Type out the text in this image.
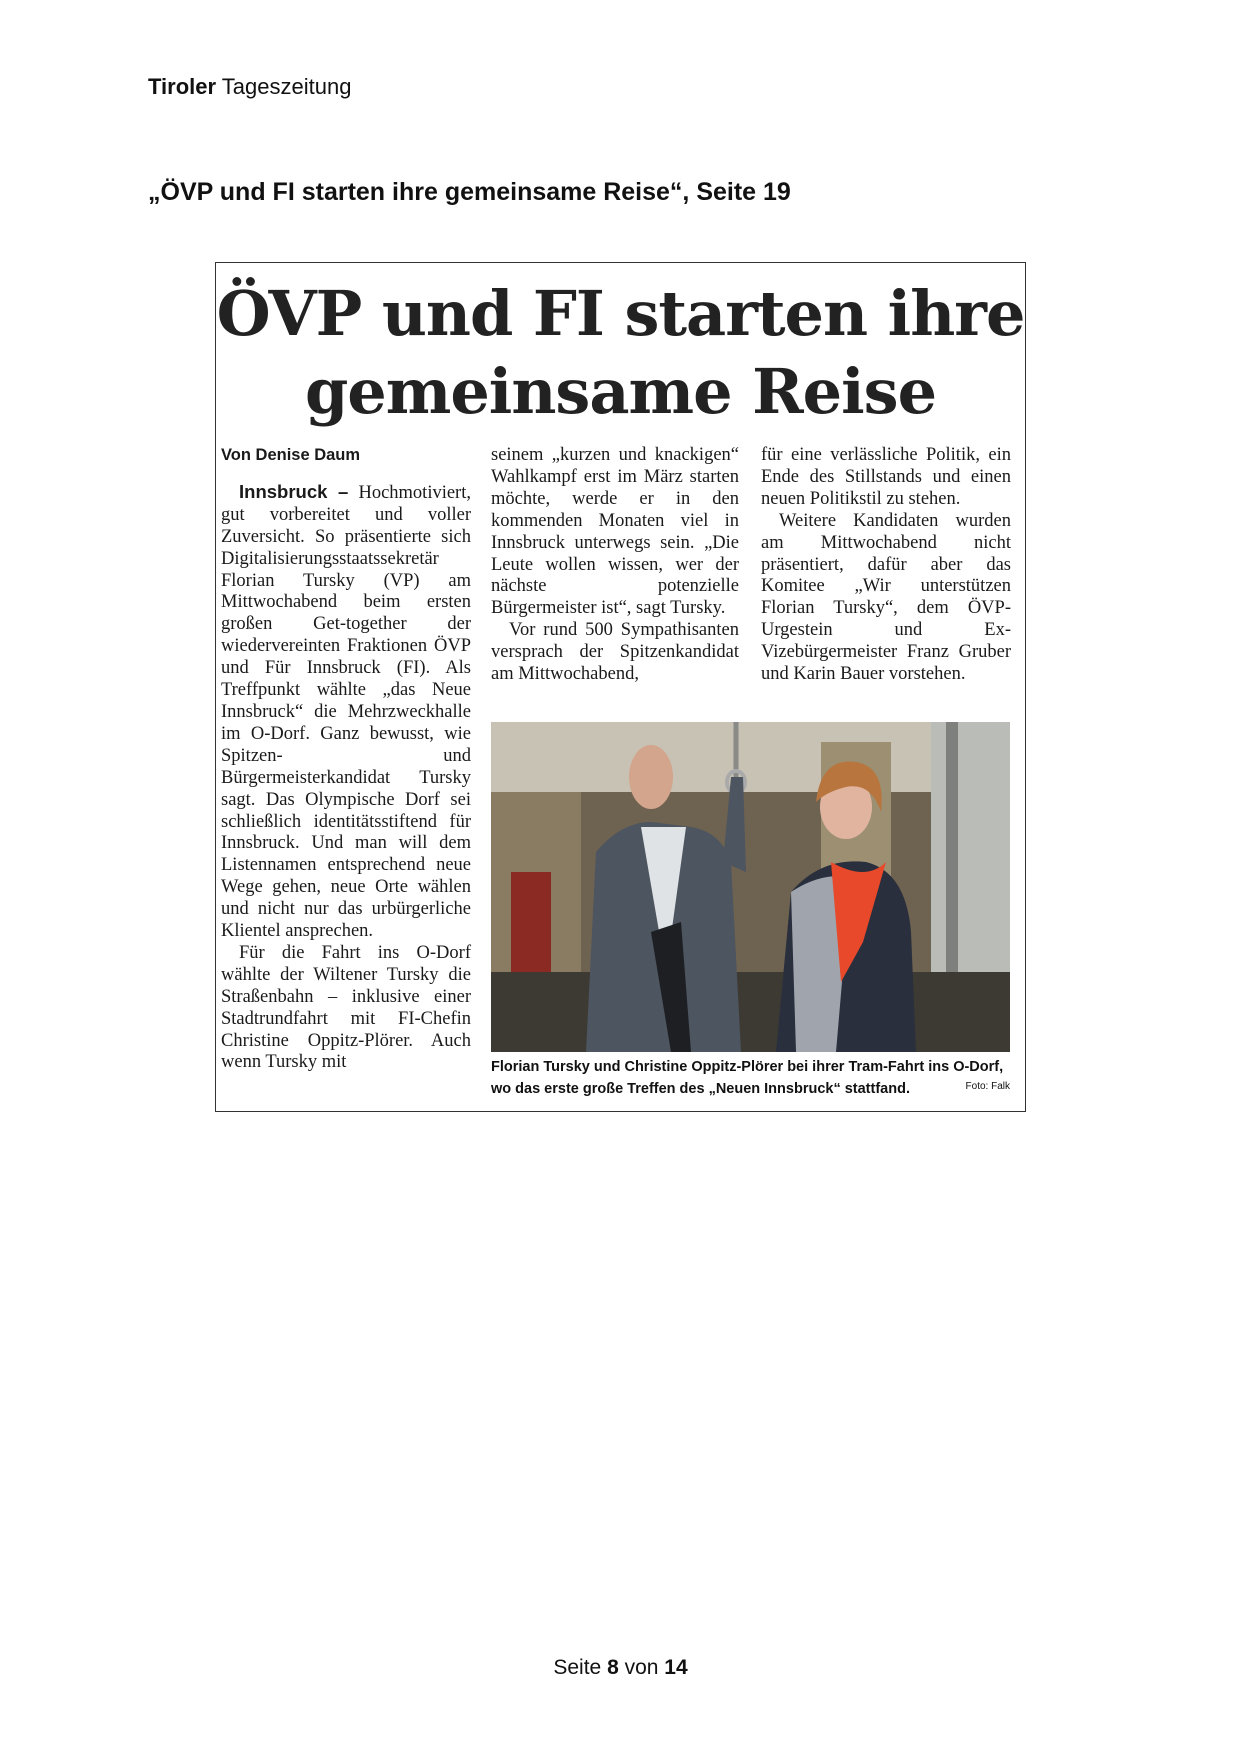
Tiroler Tageszeitung
„ÖVP und FI starten ihre gemeinsame Reise“, Seite 19
ÖVP und FI starten ihre
gemeinsame Reise

Von Denise Daum

Innsbruck – Hochmotiviert, gut vorbereitet und voller Zuversicht. So präsentierte sich Digitalisierungsstaatssekretär Florian Tursky (VP) am Mittwochabend beim ersten großen Get-together der wiedervereinten Fraktionen ÖVP und Für Innsbruck (FI). Als Treffpunkt wählte „das Neue Innsbruck“ die Mehrzweckhalle im O-Dorf. Ganz bewusst, wie Spitzen- und Bürgermeisterkandidat Tursky sagt. Das Olympische Dorf sei schließlich identitätsstiftend für Innsbruck. Und man will dem Listennamen entsprechend neue Wege gehen, neue Orte wählen und nicht nur das urbürgerliche Klientel ansprechen.

Für die Fahrt ins O-Dorf wählte der Wiltener Tursky die Straßenbahn – inklusive einer Stadtrundfahrt mit FI-Chefin Christine Oppitz-Plörer. Auch wenn Tursky mit

seinem „kurzen und knackigen“ Wahlkampf erst im März starten möchte, werde er in den kommenden Monaten viel in Innsbruck unterwegs sein. „Die Leute wollen wissen, wer der nächste potenzielle Bürgermeister ist“, sagt Tursky.

Vor rund 500 Sympathisanten versprach der Spitzenkandidat am Mittwochabend,

für eine verlässliche Politik, ein Ende des Stillstands und einen neuen Politikstil zu stehen.

Weitere Kandidaten wurden am Mittwochabend nicht präsentiert, dafür aber das Komitee „Wir unterstützen Florian Tursky“, dem ÖVP-Urgestein und Ex-Vizebürgermeister Franz Gruber und Karin Bauer vorstehen.

Florian Tursky und Christine Oppitz-Plörer bei ihrer Tram-Fahrt ins O-Dorf, wo das erste große Treffen des „Neuen Innsbruck“ stattfand.	Foto: Falk
Seite 8 von 14
